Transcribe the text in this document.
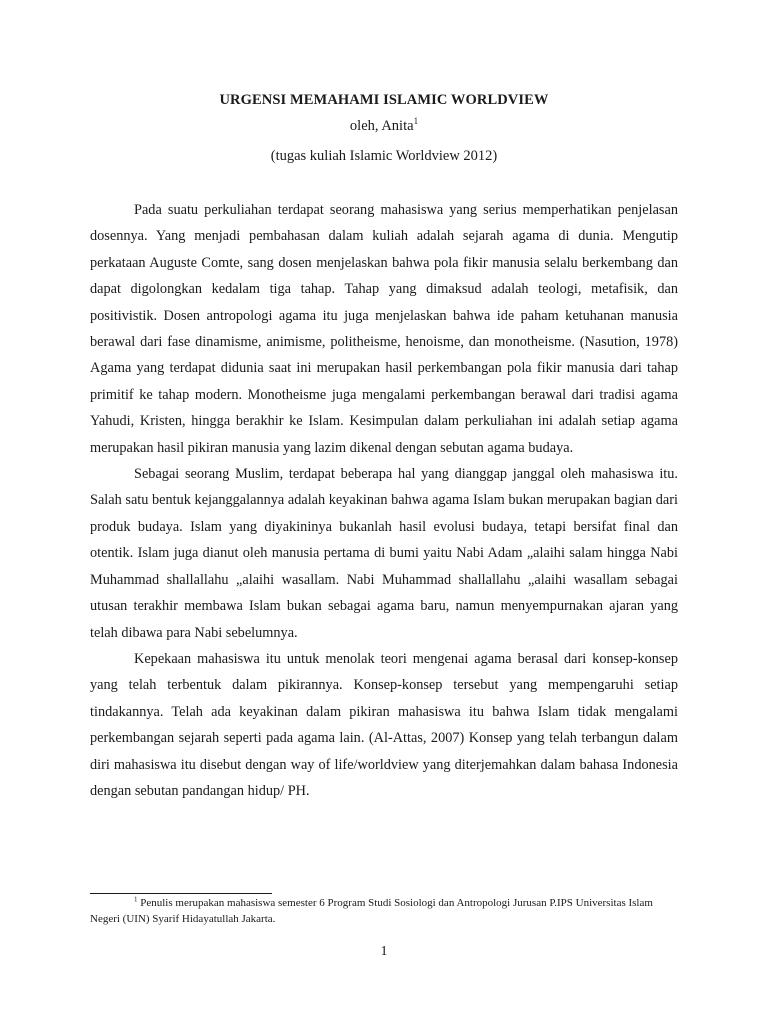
URGENSI MEMAHAMI ISLAMIC WORLDVIEW
oleh, Anita$^1$
(tugas kuliah Islamic Worldview 2012)

Pada suatu perkuliahan terdapat seorang mahasiswa yang serius memperhatikan penjelasan dosennya. Yang menjadi pembahasan dalam kuliah adalah sejarah agama di dunia. Mengutip perkataan Auguste Comte, sang dosen menjelaskan bahwa pola fikir manusia selalu berkembang dan dapat digolongkan kedalam tiga tahap. Tahap yang dimaksud adalah teologi, metafisik, dan positivistik. Dosen antropologi agama itu juga menjelaskan bahwa ide paham ketuhanan manusia berawal dari fase dinamisme, animisme, politheisme, henoisme, dan monotheisme. (Nasution, 1978) Agama yang terdapat didunia saat ini merupakan hasil perkembangan pola fikir manusia dari tahap primitif ke tahap modern. Monotheisme juga mengalami perkembangan berawal dari tradisi agama Yahudi, Kristen, hingga berakhir ke Islam. Kesimpulan dalam perkuliahan ini adalah setiap agama merupakan hasil pikiran manusia yang lazim dikenal dengan sebutan agama budaya.

Sebagai seorang Muslim, terdapat beberapa hal yang dianggap janggal oleh mahasiswa itu. Salah satu bentuk kejanggalannya adalah keyakinan bahwa agama Islam bukan merupakan bagian dari produk budaya. Islam yang diyakininya bukanlah hasil evolusi budaya, tetapi bersifat final dan otentik. Islam juga dianut oleh manusia pertama di bumi yaitu Nabi Adam „alaihi salam hingga Nabi Muhammad shallallahu „alaihi wasallam. Nabi Muhammad shallallahu „alaihi wasallam sebagai utusan terakhir membawa Islam bukan sebagai agama baru, namun menyempurnakan ajaran yang telah dibawa para Nabi sebelumnya.

Kepekaan mahasiswa itu untuk menolak teori mengenai agama berasal dari konsep-konsep yang telah terbentuk dalam pikirannya. Konsep-konsep tersebut yang mempengaruhi setiap tindakannya. Telah ada keyakinan dalam pikiran mahasiswa itu bahwa Islam tidak mengalami perkembangan sejarah seperti pada agama lain. (Al-Attas, 2007) Konsep yang telah terbangun dalam diri mahasiswa itu disebut dengan way of life/worldview yang diterjemahkan dalam bahasa Indonesia dengan sebutan pandangan hidup/ PH.

$^1$ Penulis merupakan mahasiswa semester 6 Program Studi Sosiologi dan Antropologi Jurusan P.IPS Universitas Islam Negeri (UIN) Syarif Hidayatullah Jakarta.
1
